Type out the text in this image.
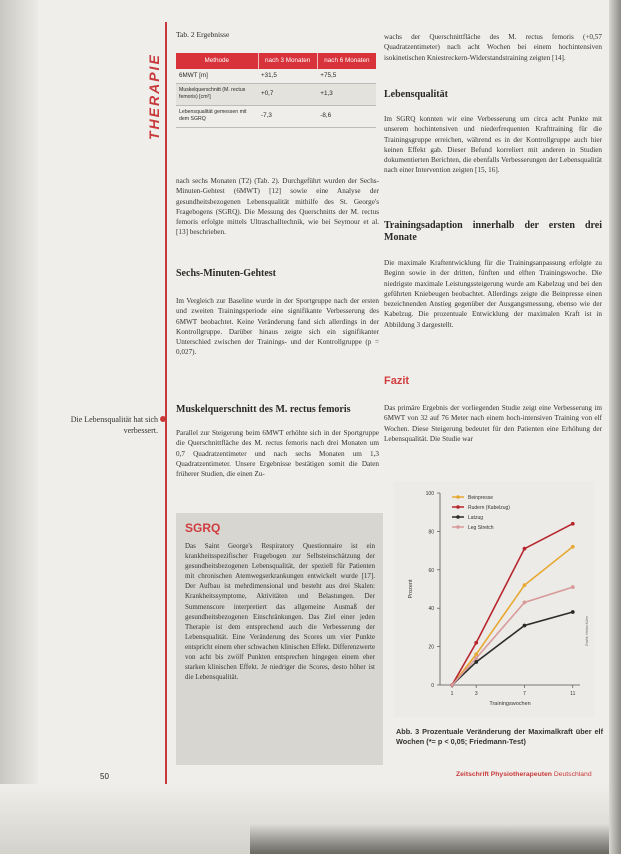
THERAPIE
Die Lebensqualität hat sich verbessert.
Tab. 2 Ergebnisse
Methode	nach 3 Monaten	nach 6 Monaten
6MWT [m]	+31,5	+75,5
Muskelquerschnitt (M. rectus femoris) [cm²]	+0,7	+1,3
Lebensqualität gemessen mit dem SGRQ	-7,3	-8,6
nach sechs Monaten (T2) (Tab. 2). Durchgeführt wurden der Sechs-Minuten-Gehtest (6MWT) [12] sowie eine Analyse der gesundheitsbezogenen Lebensqualität mithilfe des St. George's Fragebogens (SGRQ). Die Messung des Querschnitts der M. rectus femoris erfolgte mittels Ultraschalltechnik, wie bei Seymour et al. [13] beschrieben.
Sechs-Minuten-Gehtest
Im Vergleich zur Baseline wurde in der Sportgruppe nach der ersten und zweiten Trainingsperiode eine signifikante Verbesserung des 6MWT beobachtet. Keine Veränderung fand sich allerdings in der Kontrollgruppe. Darüber hinaus zeigte sich ein signifikanter Unterschied zwischen der Trainings- und der Kontrollgruppe (p = 0,027).
Muskelquerschnitt des M. rectus femoris
Parallel zur Steigerung beim 6MWT erhöhte sich in der Sportgruppe die Querschnittfläche des M. rectus femoris nach drei Monaten um 0,7 Quadratzentimeter und nach sechs Monaten um 1,3 Quadratzentimeter. Unsere Ergebnisse bestätigen somit die Daten früherer Studien, die einen Zu-
SGRQ
Das Saint George's Respiratory Questionnaire ist ein krankheitsspezifischer Fragebogen zur Selbsteinschätzung der gesundheitsbezogenen Lebensqualität, der speziell für Patienten mit chronischen Atemwegserkrankungen entwickelt wurde [17]. Der Aufbau ist mehrdimensional und besteht aus drei Skalen: Krankheitssymptome, Aktivitäten und Belastungen. Der Summenscore interpretiert das allgemeine Ausmaß der gesundheitsbezogenen Einschränkungen. Das Ziel einer jeden Therapie ist dem entsprechend auch die Verbesserung der Lebensqualität. Eine Veränderung des Scores um vier Punkte entspricht einem eher schwachen klinischen Effekt. Differenzwerte von acht bis zwölf Punkten entsprechen hingegen einem eher starken klinischen Effekt. Je niedriger die Scores, desto höher ist die Lebensqualität.
wachs der Querschnittfläche des M. rectus femoris (+0,57 Quadratzentimeter) nach acht Wochen bei einem hochintensiven isokinetischen Kniestreckern-Widerstandstraining zeigten [14].
Lebensqualität
Im SGRQ konnten wir eine Verbesserung um circa acht Punkte mit unserem hochintensiven und niederfrequenten Krafttraining für die Trainingsgruppe erreichen, während es in der Kontrollgruppe auch hier keinen Effekt gab. Dieser Befund korreliert mit anderen in Studien dokumentierten Berichten, die ebenfalls Verbesserungen der Lebensqualität nach einer Intervention zeigten [15, 16].
Trainingsadaption innerhalb der ersten drei Monate
Die maximale Kraftentwicklung für die Trainingsanpassung erfolgte zu Beginn sowie in der dritten, fünften und elften Trainingswoche. Die niedrigste maximale Leistungssteigerung wurde am Kabelzug und bei den geführten Kniebeugen beobachtet. Allerdings zeigte die Beinpresse einen bezeichnenden Anstieg gegenüber der Ausgangsmessung, ebenso wie der Kabelzug. Die prozentuale Entwicklung der maximalen Kraft ist in Abbildung 3 dargestellt.
Fazit
Das primäre Ergebnis der vorliegenden Studie zeigt eine Verbesserung im 6MWT von 32 auf 76 Meter nach einem hoch-intensiven Training von elf Wochen. Diese Steigerung bedeutet für den Patienten eine Erhöhung der Lebensqualität. Die Studie war
0
20
40
60
80
100
1	3	7	11
Trainingswochen
Prozent
Beinpresse
Rudern (Kabelzug)
Latzug
Leg Stretch
Grafik: Heiko Kühn
Abb. 3 Prozentuale Veränderung der Maximalkraft über elf Wochen (*= p < 0,05; Friedmann-Test)
50	Zeitschrift Physiotherapeuten Deutschland
